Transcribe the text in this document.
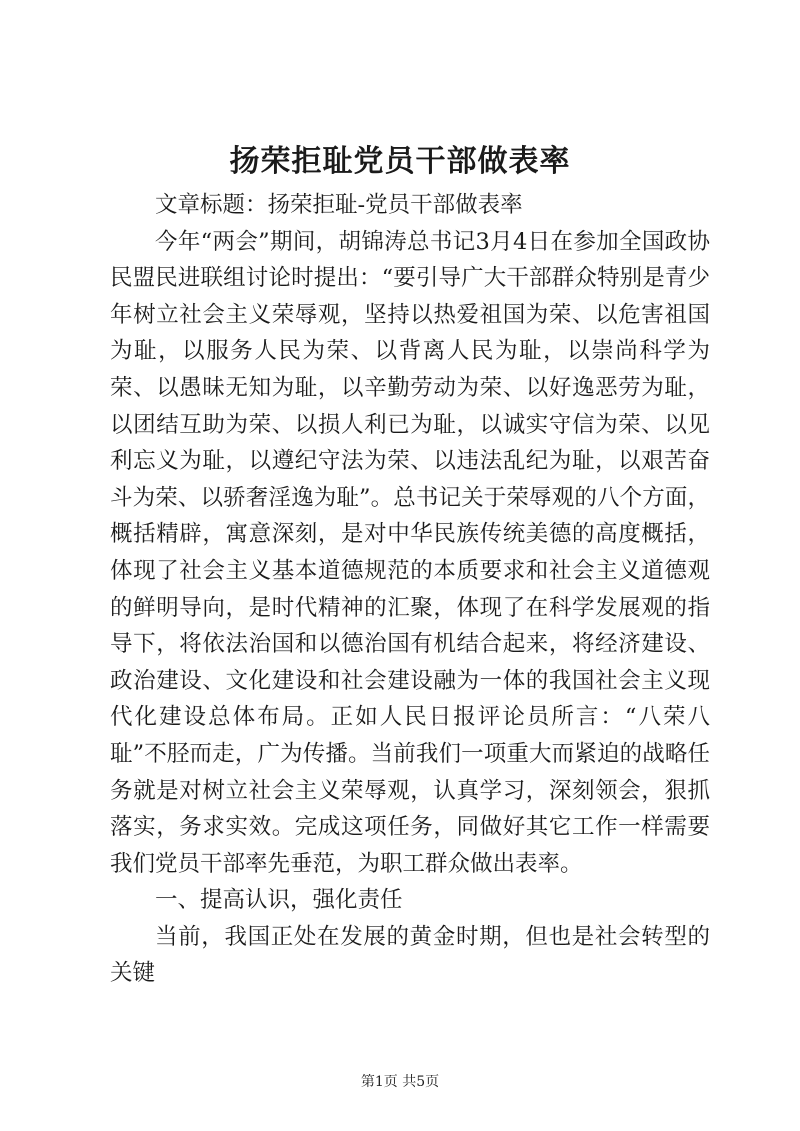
扬荣拒耻党员干部做表率

文章标题：扬荣拒耻-党员干部做表率

今年“两会”期间，胡锦涛总书记3月4日在参加全国政协民盟民进联组讨论时提出：“要引导广大干部群众特别是青少年树立社会主义荣辱观，坚持以热爱祖国为荣、以危害祖国为耻，以服务人民为荣、以背离人民为耻，以崇尚科学为荣、以愚昧无知为耻，以辛勤劳动为荣、以好逸恶劳为耻，以团结互助为荣、以损人利已为耻，以诚实守信为荣、以见利忘义为耻，以遵纪守法为荣、以违法乱纪为耻，以艰苦奋斗为荣、以骄奢淫逸为耻”。总书记关于荣辱观的八个方面，概括精辟，寓意深刻，是对中华民族传统美德的高度概括，体现了社会主义基本道德规范的本质要求和社会主义道德观的鲜明导向，是时代精神的汇聚，体现了在科学发展观的指导下，将依法治国和以德治国有机结合起来，将经济建设、政治建设、文化建设和社会建设融为一体的我国社会主义现代化建设总体布局。正如人民日报评论员所言：“八荣八耻”不胫而走，广为传播。当前我们一项重大而紧迫的战略任务就是对树立社会主义荣辱观，认真学习，深刻领会，狠抓落实，务求实效。完成这项任务，同做好其它工作一样需要我们党员干部率先垂范，为职工群众做出表率。

一、提高认识，强化责任

当前，我国正处在发展的黄金时期，但也是社会转型的关键

第1页 共5页
